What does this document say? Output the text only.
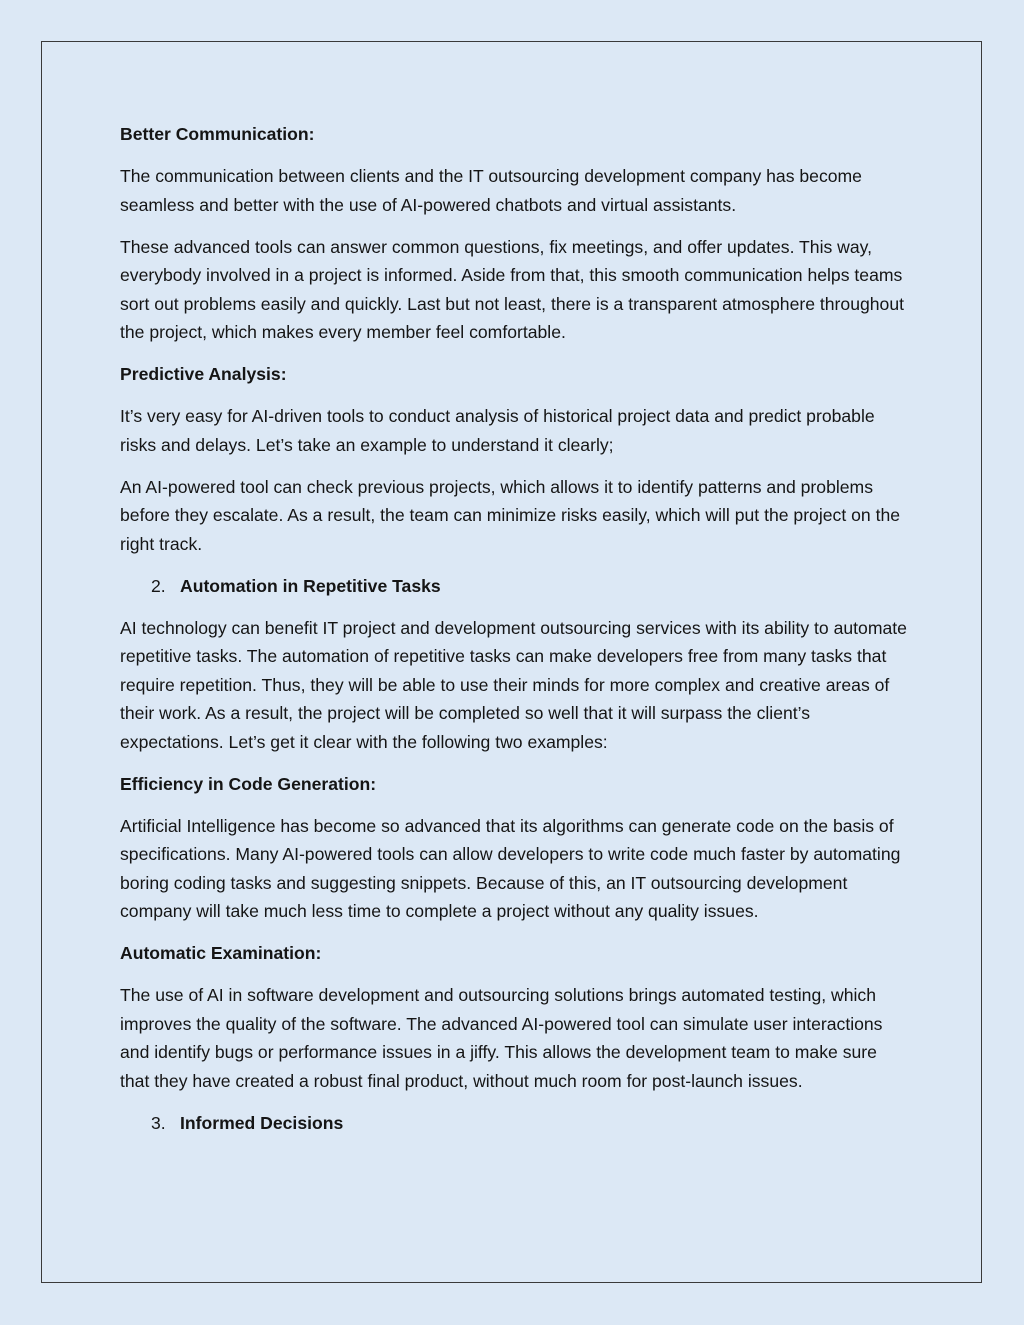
Better Communication:

The communication between clients and the IT outsourcing development company has become seamless and better with the use of AI-powered chatbots and virtual assistants.

These advanced tools can answer common questions, fix meetings, and offer updates. This way, everybody involved in a project is informed. Aside from that, this smooth communication helps teams sort out problems easily and quickly. Last but not least, there is a transparent atmosphere throughout the project, which makes every member feel comfortable.

Predictive Analysis:

It’s very easy for AI-driven tools to conduct analysis of historical project data and predict probable risks and delays. Let’s take an example to understand it clearly;

An AI-powered tool can check previous projects, which allows it to identify patterns and problems before they escalate. As a result, the team can minimize risks easily, which will put the project on the right track.

2. Automation in Repetitive Tasks

AI technology can benefit IT project and development outsourcing services with its ability to automate repetitive tasks. The automation of repetitive tasks can make developers free from many tasks that require repetition. Thus, they will be able to use their minds for more complex and creative areas of their work. As a result, the project will be completed so well that it will surpass the client’s expectations. Let’s get it clear with the following two examples:

Efficiency in Code Generation:

Artificial Intelligence has become so advanced that its algorithms can generate code on the basis of specifications. Many AI-powered tools can allow developers to write code much faster by automating boring coding tasks and suggesting snippets. Because of this, an IT outsourcing development company will take much less time to complete a project without any quality issues.

Automatic Examination:

The use of AI in software development and outsourcing solutions brings automated testing, which improves the quality of the software. The advanced AI-powered tool can simulate user interactions and identify bugs or performance issues in a jiffy. This allows the development team to make sure that they have created a robust final product, without much room for post-launch issues.

3. Informed Decisions
